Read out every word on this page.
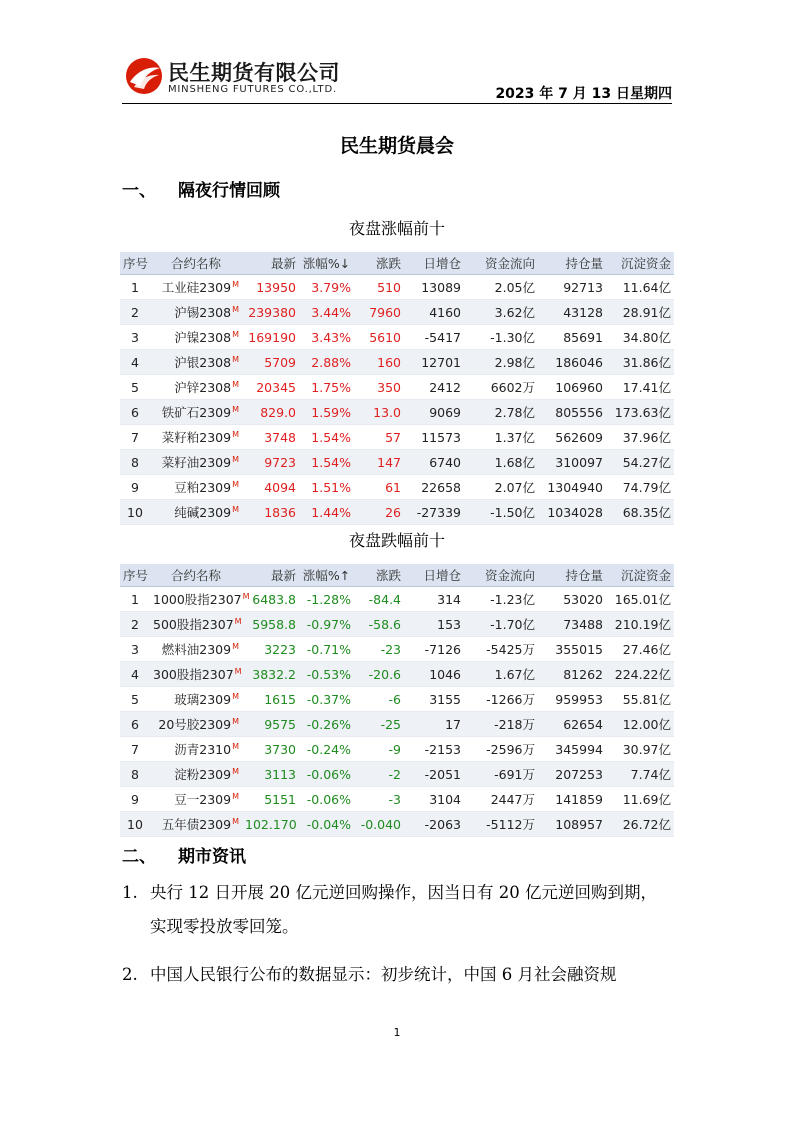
民生期货有限公司
MINSHENG FUTURES CO.,LTD.	2023 年 7 月 13 日星期四
民生期货晨会
一、 隔夜行情回顾
夜盘涨幅前十
序号	合约名称	最新	涨幅%↓	涨跌	日增仓	资金流向	持仓量	沉淀资金
1	工业硅$2309^M$	13950	3.79%	510	13089	2.05亿	92713	11.64亿
2	沪锡$2308^M$	239380	3.44%	7960	4160	3.62亿	43128	28.91亿
3	沪镍$2308^M$	169190	3.43%	5610	-5417	-1.30亿	85691	34.80亿
4	沪银$2308^M$	5709	2.88%	160	12701	2.98亿	186046	31.86亿
5	沪锌$2308^M$	20345	1.75%	350	2412	6602万	106960	17.41亿
6	铁矿石$2309^M$	829.0	1.59%	13.0	9069	2.78亿	805556	173.63亿
7	菜籽粕$2309^M$	3748	1.54%	57	11573	1.37亿	562609	37.96亿
8	菜籽油$2309^M$	9723	1.54%	147	6740	1.68亿	310097	54.27亿
9	豆粕$2309^M$	4094	1.51%	61	22658	2.07亿	1304940	74.79亿
10	纯碱$2309^M$	1836	1.44%	26	-27339	-1.50亿	1034028	68.35亿
夜盘跌幅前十
序号	合约名称	最新	涨幅%↑	涨跌	日增仓	资金流向	持仓量	沉淀资金
1	1000股指$2307^M$	6483.8	-1.28%	-84.4	314	-1.23亿	53020	165.01亿
2	500股指$2307^M$	5958.8	-0.97%	-58.6	153	-1.70亿	73488	210.19亿
3	燃料油$2309^M$	3223	-0.71%	-23	-7126	-5425万	355015	27.46亿
4	300股指$2307^M$	3832.2	-0.53%	-20.6	1046	1.67亿	81262	224.22亿
5	玻璃$2309^M$	1615	-0.37%	-6	3155	-1266万	959953	55.81亿
6	20号胶$2309^M$	9575	-0.26%	-25	17	-218万	62654	12.00亿
7	沥青$2310^M$	3730	-0.24%	-9	-2153	-2596万	345994	30.97亿
8	淀粉$2309^M$	3113	-0.06%	-2	-2051	-691万	207253	7.74亿
9	豆一$2309^M$	5151	-0.06%	-3	3104	2447万	141859	11.69亿
10	五年债$2309^M$	102.170	-0.04%	-0.040	-2063	-5112万	108957	26.72亿
二、 期市资讯
1. 央行 12 日开展 20 亿元逆回购操作，因当日有 20 亿元逆回购到期，
实现零投放零回笼。
2. 中国人民银行公布的数据显示：初步统计，中国 6 月社会融资规
1
